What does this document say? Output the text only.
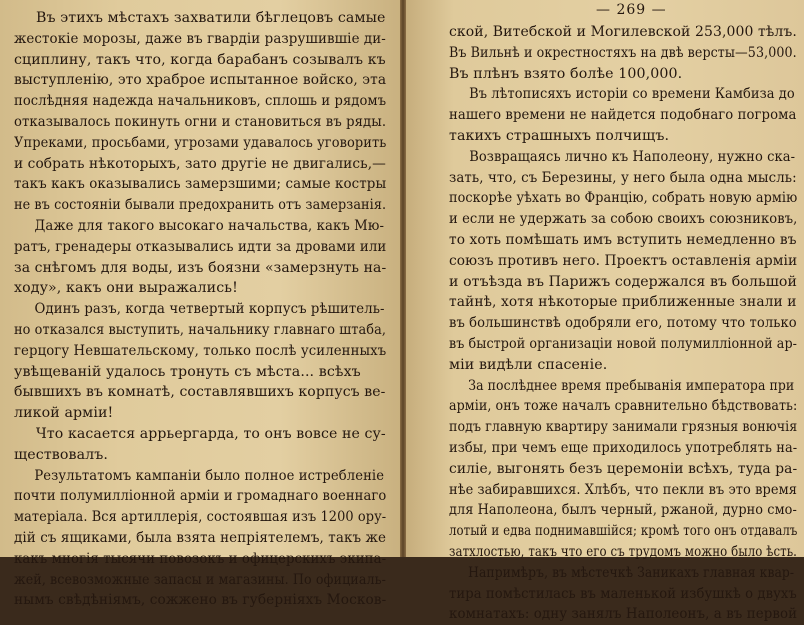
Въ этихъ мѣстахъ захватили бѣглецовъ самые
жестокіе морозы, даже въ гвардіи разрушившіе ди-
сциплину, такъ что, когда барабанъ созывалъ къ
выступленію, это храброе испытанное войско, эта
послѣдняя надежда начальниковъ, сплошь и рядомъ
отказывалось покинуть огни и становиться въ ряды.
Упреками, просьбами, угрозами удавалось уговорить
и собрать нѣкоторыхъ, зато другіе не двигались,—
такъ какъ оказывались замерзшими; самые костры
не въ состояніи бывали предохранить отъ замерзанія.
Даже для такого высокаго начальства, какъ Мю-
ратъ, гренадеры отказывались идти за дровами или
за снѣгомъ для воды, изъ боязни «замерзнуть на-
ходу», какъ они выражались!
Одинъ разъ, когда четвертый корпусъ рѣшитель-
но отказался выступить, начальнику главнаго штаба,
герцогу Невшательскому, только послѣ усиленныхъ
увѣщеваній удалось тронуть съ мѣста... всѣхъ
бывшихъ въ комнатѣ, составлявшихъ корпусъ ве-
ликой арміи!
Что касается аррьергарда, то онъ вовсе не су-
ществовалъ.
Результатомъ кампаніи было полное истребленіе
почти полумилліонной арміи и громаднаго военнаго
матеріала. Вся артиллерія, состоявшая изъ 1200 ору-
дій съ ящиками, была взята непріятелемъ, такъ же
какъ многія тысячи повозокъ и офицерскихъ экипа-
жей, всевозможные запасы и магазины. По официаль-
нымъ свѣдѣніямъ, сожжено въ губерніяхъ Москов-
— 269 —
ской, Витебской и Могилевской 253,000 тѣлъ.
Въ Вильнѣ и окрестностяхъ на двѣ версты—53,000.
Въ плѣнъ взято болѣе 100,000.
Въ лѣтописяхъ исторіи со времени Камбиза до
нашего времени не найдется подобнаго погрома
такихъ страшныхъ полчищъ.
Возвращаясь лично къ Наполеону, нужно ска-
зать, что, съ Березины, у него была одна мысль:
поскорѣе уѣхать во Францію, собрать новую армію
и если не удержать за собою своихъ союзниковъ,
то хоть помѣшать имъ вступить немедленно въ
союзъ противъ него. Проектъ оставленія арміи
и отъѣзда въ Парижъ содержался въ большой
тайнѣ, хотя нѣкоторые приближенные знали и
въ большинствѣ одобряли его, потому что только
въ быстрой организаціи новой полумилліонной ар-
міи видѣли спасеніе.
За послѣднее время пребыванія императора при
арміи, онъ тоже началъ сравнительно бѣдствовать:
подъ главную квартиру занимали грязныя вонючія
избы, при чемъ еще приходилось употреблять на-
силіе, выгонять безъ церемоніи всѣхъ, туда ра-
нѣе забиравшихся. Хлѣбъ, что пекли въ это время
для Наполеона, былъ черный, ржаной, дурно смо-
лотый и едва поднимавшійся; кромѣ того онъ отдавалъ
затхлостью, такъ что его съ трудомъ можно было ѣсть.
Напримѣръ, въ мѣстечкѣ Заникахъ главная квар-
тира помѣстилась въ маленькой избушкѣ о двухъ
комнатахъ: одну занялъ Наполеонъ, а въ первой
